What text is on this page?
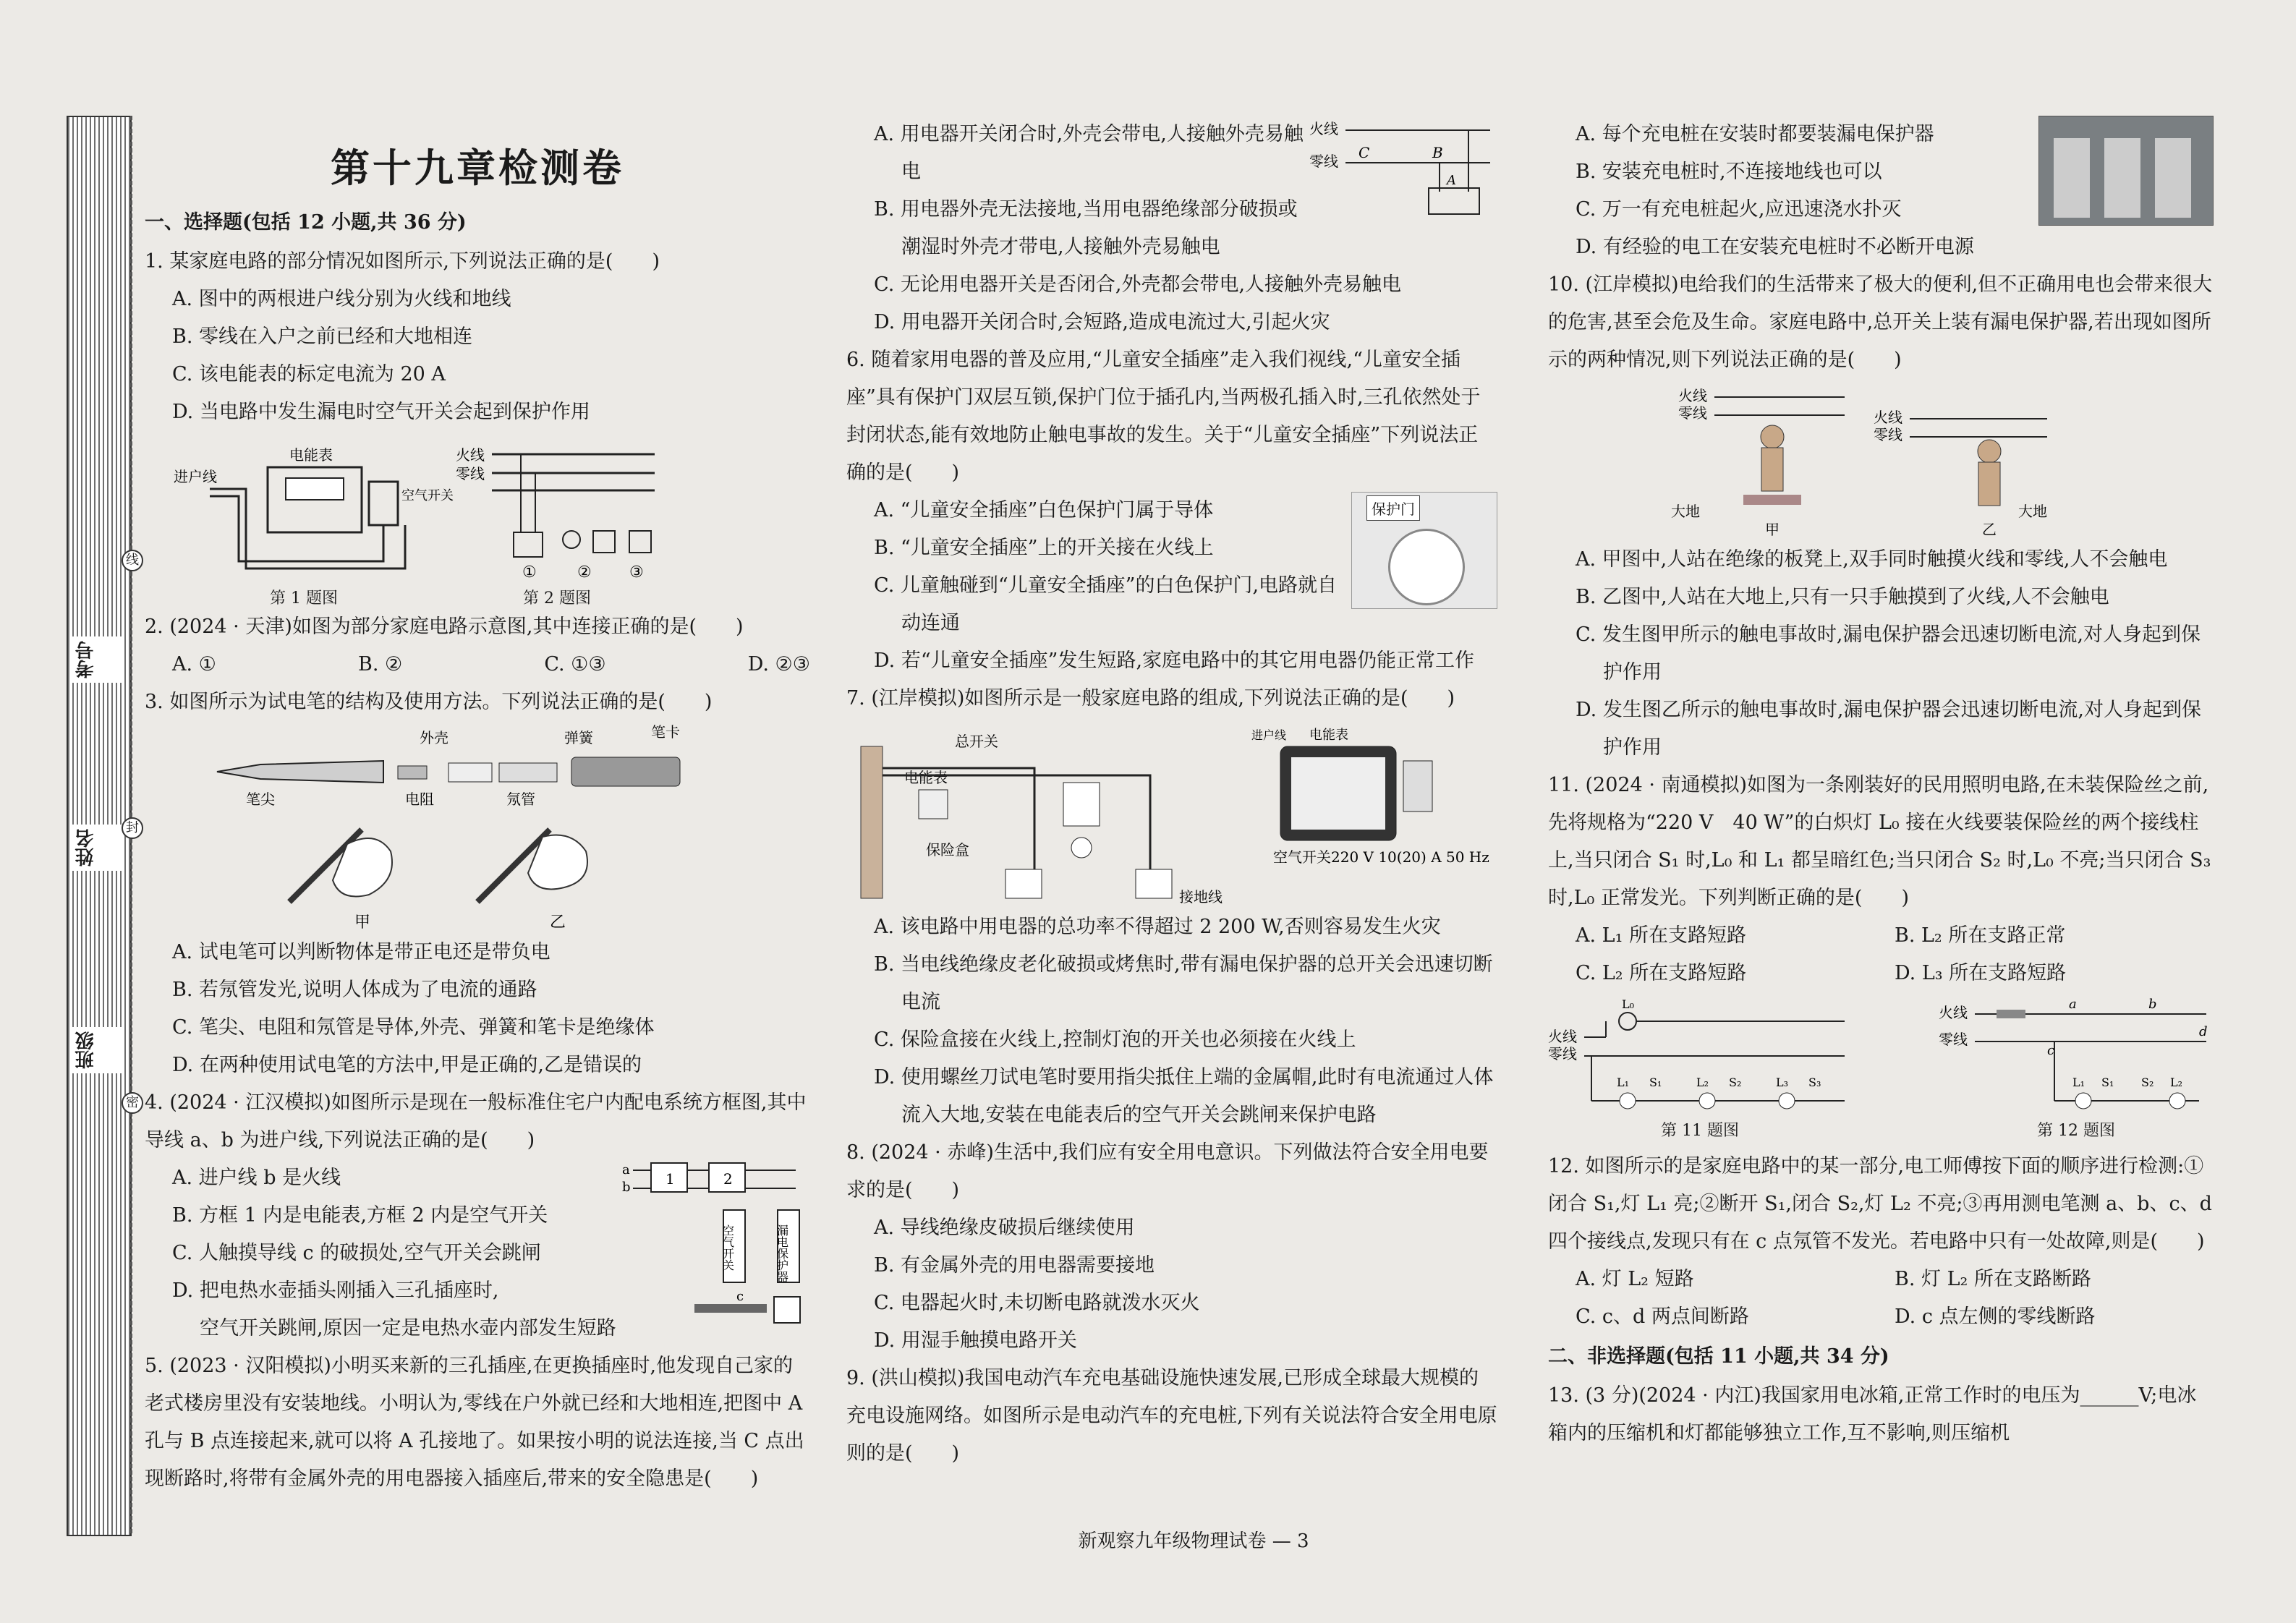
班级
姓名
考号
密
封
线
第十九章检测卷
一、选择题(包括 12 小题,共 36 分)
1. 某家庭电路的部分情况如图所示,下列说法正确的是(　　)
A. 图中的两根进户线分别为火线和地线
B. 零线在入户之前已经和大地相连
C. 该电能表的标定电流为 20 A
D. 当电路中发生漏电时空气开关会起到保护作用
进户线
电能表
空气开关
第 1 题图
火线
零线
①	② ③
第 2 题图
2. (2024 · 天津)如图为部分家庭电路示意图,其中连接正确的是(　　)
A. ①	B. ②	C. ①③	D. ②③
3. 如图所示为试电笔的结构及使用方法。下列说法正确的是(　　)
外壳	弹簧	笔卡
笔尖	电阻	氖管
甲	乙
A. 试电笔可以判断物体是带正电还是带负电
B. 若氖管发光,说明人体成为了电流的通路
C. 笔尖、电阻和氖管是导体,外壳、弹簧和笔卡是绝缘体
D. 在两种使用试电笔的方法中,甲是正确的,乙是错误的
4. (2024 · 江汉模拟)如图所示是现在一般标准住宅户内配电系统方框图,其中导线 a、b 为进户线,下列说法正确的是(　　)
a
b 1	2
空气开关	漏电保护器
c
A. 进户线 b 是火线
B. 方框 1 内是电能表,方框 2 内是空气开关
C. 人触摸导线 c 的破损处,空气开关会跳闸
D. 把电热水壶插头刚插入三孔插座时,
空气开关跳闸,原因一定是电热水壶内部发生短路
5. (2023 · 汉阳模拟)小明买来新的三孔插座,在更换插座时,他发现自己家的老式楼房里没有安装地线。小明认为,零线在户外就已经和大地相连,把图中 A 孔与 B 点连接起来,就可以将 A 孔接地了。如果按小明的说法连接,当 C 点出现断路时,将带有金属外壳的用电器接入插座后,带来的安全隐患是(　　)
火线
零线 C	B
A
A. 用电器开关闭合时,外壳会带电,人接触外壳易触电
B. 用电器外壳无法接地,当用电器绝缘部分破损或潮湿时外壳才带电,人接触外壳易触电
C. 无论用电器开关是否闭合,外壳都会带电,人接触外壳易触电
D. 用电器开关闭合时,会短路,造成电流过大,引起火灾
6. 随着家用电器的普及应用,“儿童安全插座”走入我们视线,“儿童安全插座”具有保护门双层互锁,保护门位于插孔内,当两极孔插入时,三孔依然处于封闭状态,能有效地防止触电事故的发生。关于“儿童安全插座”下列说法正确的是(　　)
保护门
A. “儿童安全插座”白色保护门属于导体
B. “儿童安全插座”上的开关接在火线上
C. 儿童触碰到“儿童安全插座”的白色保护门,电路就自动连通
D. 若“儿童安全插座”发生短路,家庭电路中的其它用电器仍能正常工作
7. (江岸模拟)如图所示是一般家庭电路的组成,下列说法正确的是(　　)
总开关
电能表
保险盒
接地线
进户线 电能表
空气开关220 V 10(20) A 50 Hz
A. 该电路中用电器的总功率不得超过 2 200 W,否则容易发生火灾
B. 当电线绝缘皮老化破损或烤焦时,带有漏电保护器的总开关会迅速切断电流
C. 保险盒接在火线上,控制灯泡的开关也必须接在火线上
D. 使用螺丝刀试电笔时要用指尖抵住上端的金属帽,此时有电流通过人体流入大地,安装在电能表后的空气开关会跳闸来保护电路
8. (2024 · 赤峰)生活中,我们应有安全用电意识。下列做法符合安全用电要求的是(　　)
A. 导线绝缘皮破损后继续使用
B. 有金属外壳的用电器需要接地
C. 电器起火时,未切断电路就泼水灭火
D. 用湿手触摸电路开关
9. (洪山模拟)我国电动汽车充电基础设施快速发展,已形成全球最大规模的充电设施网络。如图所示是电动汽车的充电桩,下列有关说法符合安全用电原则的是(　　)
A. 每个充电桩在安装时都要装漏电保护器
B. 安装充电桩时,不连接地线也可以
C. 万一有充电桩起火,应迅速浇水扑灭
D. 有经验的电工在安装充电桩时不必断开电源
10. (江岸模拟)电给我们的生活带来了极大的便利,但不正确用电也会带来很大的危害,甚至会危及生命。家庭电路中,总开关上装有漏电保护器,若出现如图所示的两种情况,则下列说法正确的是(　　)
火线
零线
大地
甲
火线
零线
大地
乙
A. 甲图中,人站在绝缘的板凳上,双手同时触摸火线和零线,人不会触电
B. 乙图中,人站在大地上,只有一只手触摸到了火线,人不会触电
C. 发生图甲所示的触电事故时,漏电保护器会迅速切断电流,对人身起到保护作用
D. 发生图乙所示的触电事故时,漏电保护器会迅速切断电流,对人身起到保护作用
11. (2024 · 南通模拟)如图为一条刚装好的民用照明电路,在未装保险丝之前,先将规格为“220 V　40 W”的白炽灯 L₀ 接在火线要装保险丝的两个接线柱上,当只闭合 S₁ 时,L₀ 和 L₁ 都呈暗红色;当只闭合 S₂ 时,L₀ 不亮;当只闭合 S₃ 时,L₀ 正常发光。下列判断正确的是(　　)
A. L₁ 所在支路短路	B. L₂ 所在支路正常
C. L₂ 所在支路短路	D. L₃ 所在支路短路
火线
零线
L₀
L₁ S₁	L₂ S₂	L₃ S₃
第 11 题图
火线
零线
a	b
c
d
L₁ S₁ S₂ L₂
第 12 题图
12. 如图所示的是家庭电路中的某一部分,电工师傅按下面的顺序进行检测:①闭合 S₁,灯 L₁ 亮;②断开 S₁,闭合 S₂,灯 L₂ 不亮;③再用测电笔测 a、b、c、d 四个接线点,发现只有在 c 点氖管不发光。若电路中只有一处故障,则是(　　)
A. 灯 L₂ 短路	B. 灯 L₂ 所在支路断路
C. c、d 两点间断路	D. c 点左侧的零线断路
二、非选择题(包括 11 小题,共 34 分)
13. (3 分)(2024 · 内江)我国家用电冰箱,正常工作时的电压为______V;电冰箱内的压缩机和灯都能够独立工作,互不影响,则压缩机
新观察九年级物理试卷 — 3
